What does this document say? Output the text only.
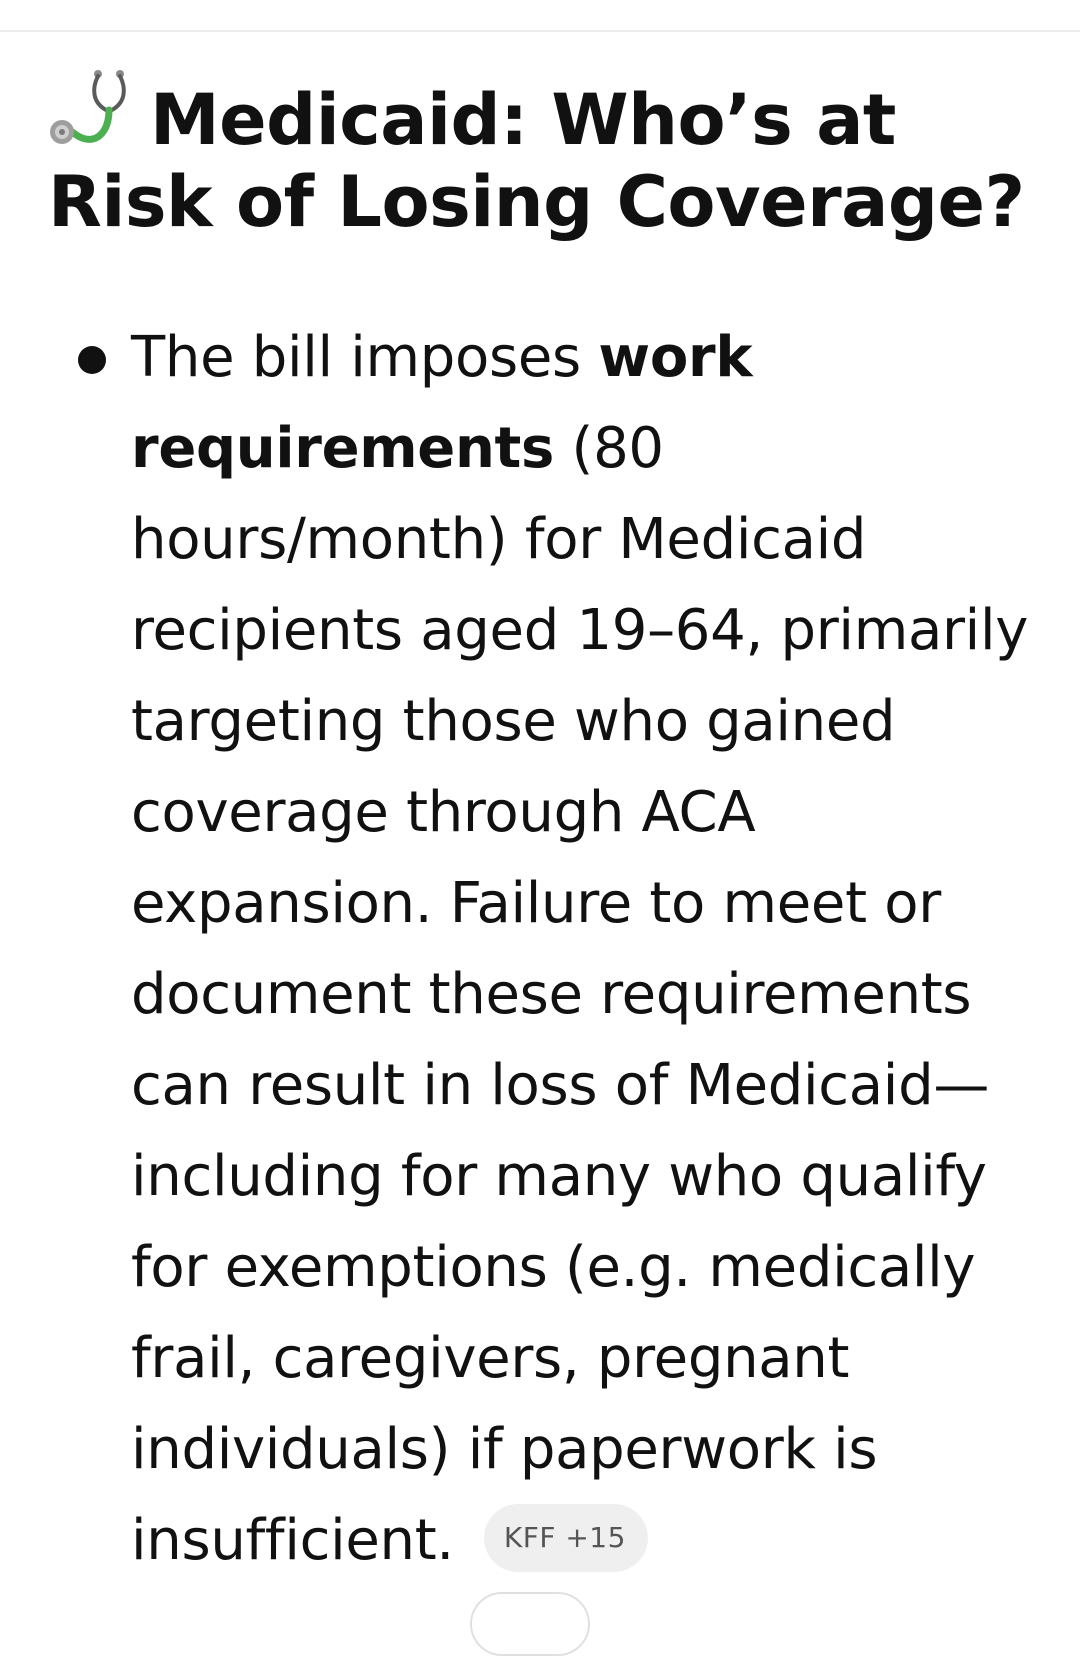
Medicaid: Who’s at Risk of Losing Coverage?
The bill imposes work requirements (80 hours/month) for Medicaid recipients aged 19–64, primarily targeting those who gained coverage through ACA expansion. Failure to meet or document these requirements can result in loss of Medicaid—including for many who qualify for exemptions (e.g. medically frail, caregivers, pregnant individuals) if paperwork is insufficient. KFF +15
